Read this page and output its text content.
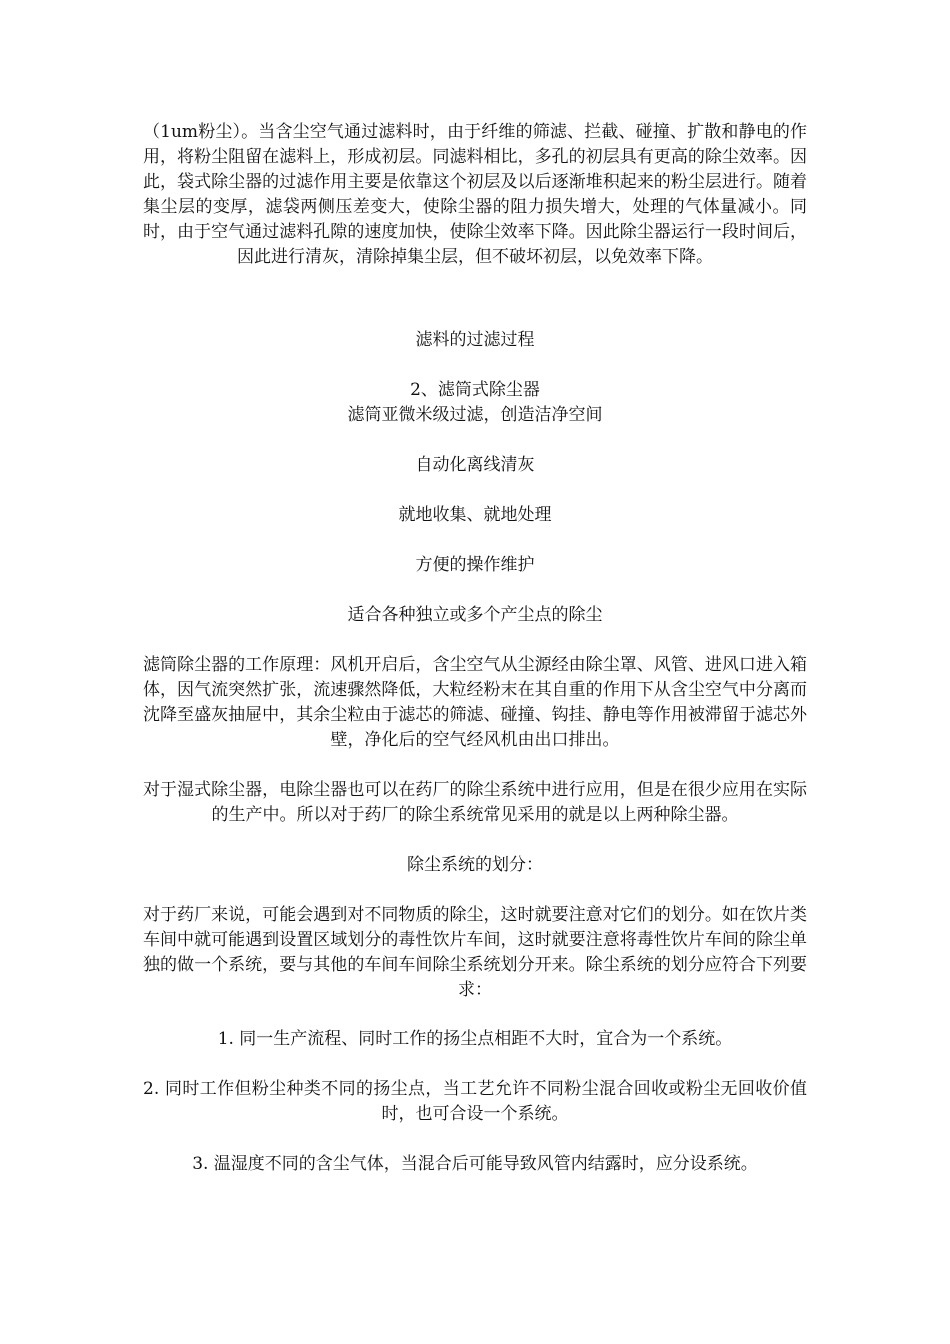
（1um粉尘）。当含尘空气通过滤料时，由于纤维的筛滤、拦截、碰撞、扩散和静电的作用，将粉尘阻留在滤料上，形成初层。同滤料相比，多孔的初层具有更高的除尘效率。因此，袋式除尘器的过滤作用主要是依靠这个初层及以后逐渐堆积起来的粉尘层进行。随着集尘层的变厚，滤袋两侧压差变大，使除尘器的阻力损失增大，处理的气体量减小。同时，由于空气通过滤料孔隙的速度加快，使除尘效率下降。因此除尘器运行一段时间后，因此进行清灰，清除掉集尘层，但不破坏初层，以免效率下降。

滤料的过滤过程

2、滤筒式除尘器

滤筒亚微米级过滤，创造洁净空间

自动化离线清灰

就地收集、就地处理

方便的操作维护

适合各种独立或多个产尘点的除尘

滤筒除尘器的工作原理：风机开启后，含尘空气从尘源经由除尘罩、风管、进风口进入箱体，因气流突然扩张，流速骤然降低，大粒经粉末在其自重的作用下从含尘空气中分离而沈降至盛灰抽屉中，其余尘粒由于滤芯的筛滤、碰撞、钩挂、静电等作用被滞留于滤芯外壁，净化后的空气经风机由出口排出。

对于湿式除尘器，电除尘器也可以在药厂的除尘系统中进行应用，但是在很少应用在实际的生产中。所以对于药厂的除尘系统常见采用的就是以上两种除尘器。

除尘系统的划分：

对于药厂来说，可能会遇到对不同物质的除尘，这时就要注意对它们的划分。如在饮片类车间中就可能遇到设置区域划分的毒性饮片车间，这时就要注意将毒性饮片车间的除尘单独的做一个系统，要与其他的车间车间除尘系统划分开来。除尘系统的划分应符合下列要求：

1. 同一生产流程、同时工作的扬尘点相距不大时，宜合为一个系统。

2. 同时工作但粉尘种类不同的扬尘点，当工艺允许不同粉尘混合回收或粉尘无回收价值时，也可合设一个系统。

3. 温湿度不同的含尘气体，当混合后可能导致风管内结露时，应分设系统。
